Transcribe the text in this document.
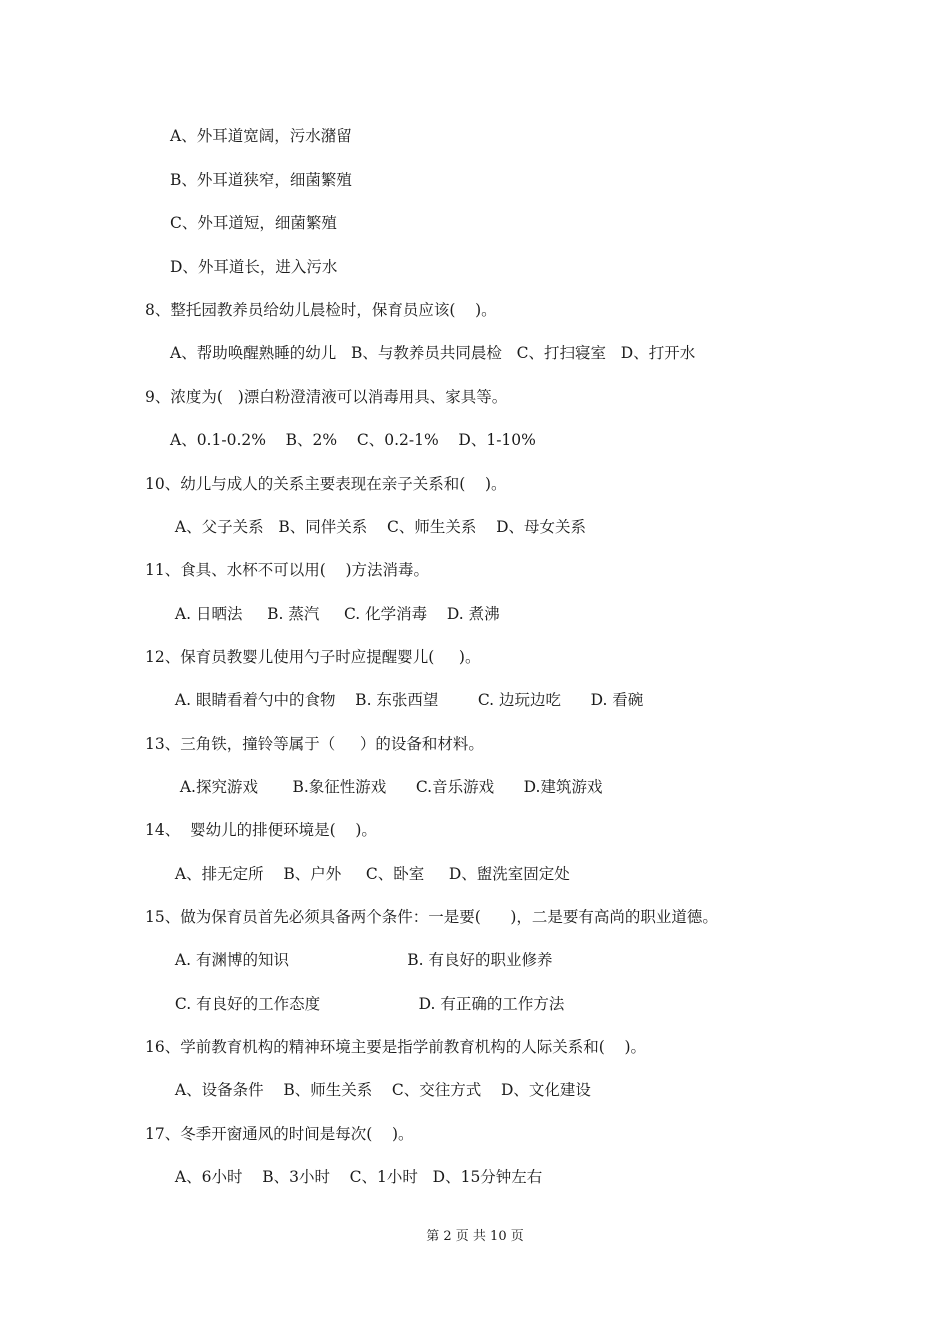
A、外耳道宽阔，污水潴留
B、外耳道狭窄，细菌繁殖
C、外耳道短，细菌繁殖
D、外耳道长，进入污水
8、整托园教养员给幼儿晨检时，保育员应该(    )。
A、帮助唤醒熟睡的幼儿   B、与教养员共同晨检   C、打扫寝室   D、打开水
9、浓度为(   )漂白粉澄清液可以消毒用具、家具等。
A、0.1-0.2%    B、2%    C、0.2-1%    D、1-10%
10、幼儿与成人的关系主要表现在亲子关系和(    )。
A、父子关系   B、同伴关系    C、师生关系    D、母女关系
11、食具、水杯不可以用(    )方法消毒。
A. 日晒法     B. 蒸汽     C. 化学消毒    D. 煮沸
12、保育员教婴儿使用勺子时应提醒婴儿(     )。
A. 眼睛看着勺中的食物    B. 东张西望        C. 边玩边吃      D. 看碗
13、三角铁，撞铃等属于（     ）的设备和材料。
A.探究游戏       B.象征性游戏      C.音乐游戏      D.建筑游戏
14、  婴幼儿的排便环境是(    )。
A、排无定所    B、户外     C、卧室     D、盥洗室固定处
15、做为保育员首先必须具备两个条件：一是要(      )，二是要有高尚的职业道德。
A. 有渊博的知识                        B. 有良好的职业修养
C. 有良好的工作态度                    D. 有正确的工作方法
16、学前教育机构的精神环境主要是指学前教育机构的人际关系和(    )。
A、设备条件    B、师生关系    C、交往方式    D、文化建设
17、冬季开窗通风的时间是每次(    )。
A、6小时    B、3小时    C、1小时   D、15分钟左右
第 2 页 共 10 页
